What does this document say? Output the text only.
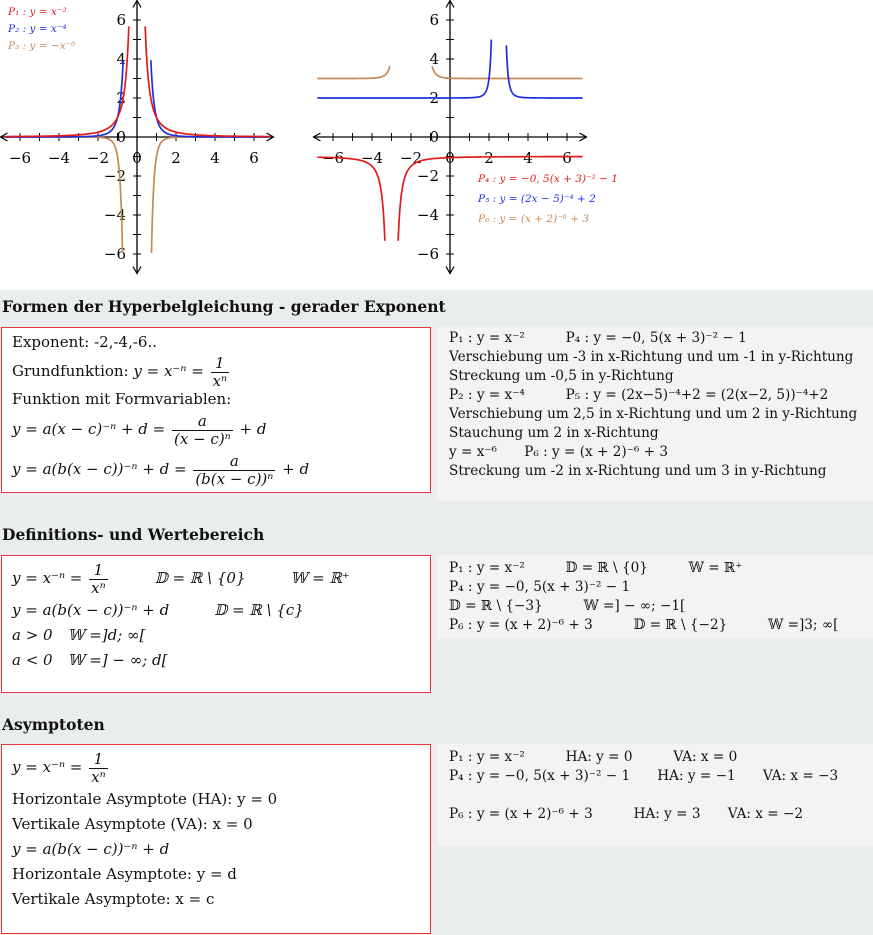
−6 −4 −2 0 2 4 6
6
4
2
0
−2
−4
−6
−6 −4 −2 0 2 4 6
6
4
2
0
−2
−4
−6
P₁ : y = x⁻²
P₂ : y = x⁻⁴
P₃ : y = −x⁻⁶
P₄ : y = −0, 5(x + 3)⁻² − 1
P₅ : y = (2x − 5)⁻⁴ + 2
P₆ : y = (x + 2)⁻⁶ + 3
Formen der Hyperbelgleichung - gerader Exponent
Exponent: -2,-4,-6..
Grundfunktion: $y = x^{-n} = \frac{1}{\text{xⁿ}}$
Funktion mit Formvariablen:
$y = a(x - c)^{-n} + d = \frac{a}{\text{(x − c)ⁿ}} + d$
$y = a(b(x - c))^{-n} + d = \frac{a}{\text{(b(x − c))ⁿ}} + d$
P₁ : y = x⁻²   P₄ : y = −0, 5(x + 3)⁻² − 1
Verschiebung um -3 in x-Richtung und um -1 in y-Richtung
Streckung um -0,5 in y-Richtung
P₂ : y = x⁻⁴   P₅ : y = (2x−5)⁻⁴+2 = (2(x−2, 5))⁻⁴+2
Verschiebung um 2,5 in x-Richtung und um 2 in y-Richtung
Stauchung um 2 in x-Richtung
y = x⁻⁶  P₆ : y = (x + 2)⁻⁶ + 3
Streckung um -2 in x-Richtung und um 3 in y-Richtung
Definitions- und Wertebereich
$y = x^{-n} = \frac{1}{\text{xⁿ}}$    𝔻 = ℝ \ {0}   𝕎 = ℝ⁺
y = a(b(x − c))⁻ⁿ + d   𝔻 = ℝ \ {c}
a > 0 𝕎 =]d; ∞[
a < 0 𝕎 =] − ∞; d[
P₁ : y = x⁻²   𝔻 = ℝ \ {0}   𝕎 = ℝ⁺
P₄ : y = −0, 5(x + 3)⁻² − 1
𝔻 = ℝ \ {−3}   𝕎 =] − ∞; −1[
P₆ : y = (x + 2)⁻⁶ + 3   𝔻 = ℝ \ {−2}   𝕎 =]3; ∞[
Asymptoten
$y = x^{-n} = \frac{1}{\text{xⁿ}}$
Horizontale Asymptote (HA): y = 0
Vertikale Asymptote (VA): x = 0
y = a(b(x − c))⁻ⁿ + d
Horizontale Asymptote: y = d
Vertikale Asymptote: x = c
P₁ : y = x⁻²   HA: y = 0   VA: x = 0
P₄ : y = −0, 5(x + 3)⁻² − 1  HA: y = −1  VA: x = −3
P₆ : y = (x + 2)⁻⁶ + 3   HA: y = 3  VA: x = −2
